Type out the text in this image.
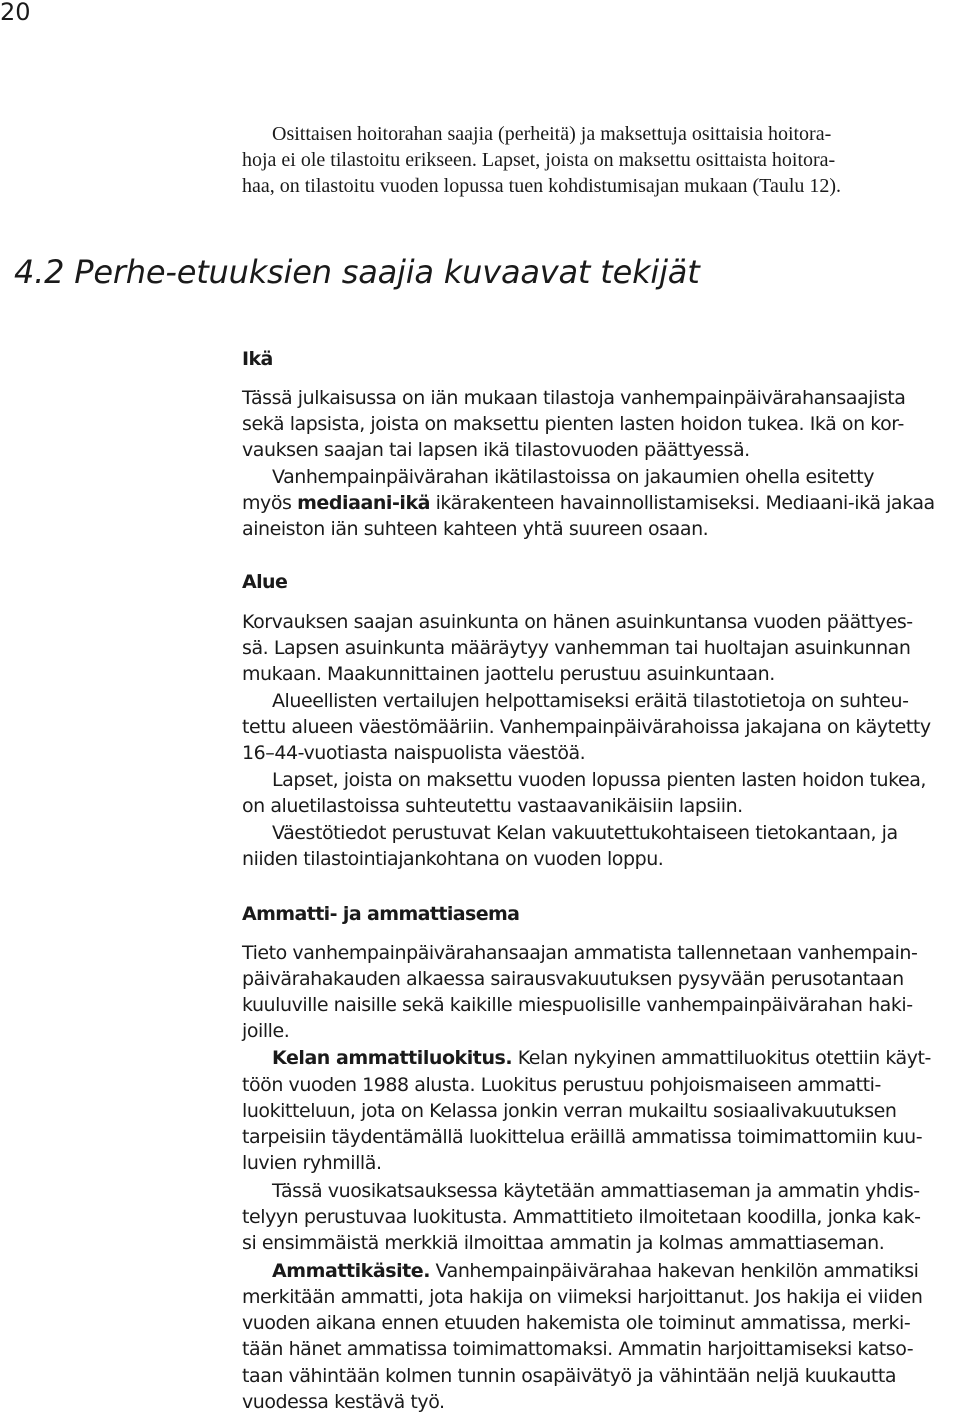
20
Osittaisen hoitorahan saajia (perheitä) ja maksettuja osittaisia hoitora-
hoja ei ole tilastoitu erikseen. Lapset, joista on maksettu osittaista hoitora-
haa, on tilastoitu vuoden lopussa tuen kohdistumisajan mukaan (Taulu 12).
4.2 Perhe-etuuksien saajia kuvaavat tekijät
Ikä
Tässä julkaisussa on iän mukaan tilastoja vanhempainpäivärahansaajista
sekä lapsista, joista on maksettu pienten lasten hoidon tukea. Ikä on kor-
vauksen saajan tai lapsen ikä tilastovuoden päättyessä.
Vanhempainpäivärahan ikätilastoissa on jakaumien ohella esitetty
myös mediaani-ikä ikärakenteen havainnollistamiseksi. Mediaani-ikä jakaa
aineiston iän suhteen kahteen yhtä suureen osaan.
Alue
Korvauksen saajan asuinkunta on hänen asuinkuntansa vuoden päättyes-
sä. Lapsen asuinkunta määräytyy vanhemman tai huoltajan asuinkunnan
mukaan. Maakunnittainen jaottelu perustuu asuinkuntaan.
Alueellisten vertailujen helpottamiseksi eräitä tilastotietoja on suhteu-
tettu alueen väestömääriin. Vanhempainpäivärahoissa jakajana on käytetty
16–44-vuotiasta naispuolista väestöä.
Lapset, joista on maksettu vuoden lopussa pienten lasten hoidon tukea,
on aluetilastoissa suhteutettu vastaavanikäisiin lapsiin.
Väestötiedot perustuvat Kelan vakuutettukohtaiseen tietokantaan, ja
niiden tilastointiajankohtana on vuoden loppu.
Ammatti- ja ammattiasema
Tieto vanhempainpäivärahansaajan ammatista tallennetaan vanhempain-
päivärahakauden alkaessa sairausvakuutuksen pysyvään perusotantaan
kuuluville naisille sekä kaikille miespuolisille vanhempainpäivärahan haki-
joille.
Kelan ammattiluokitus. Kelan nykyinen ammattiluokitus otettiin käyt-
töön vuoden 1988 alusta. Luokitus perustuu pohjoismaiseen ammatti-
luokitteluun, jota on Kelassa jonkin verran mukailtu sosiaalivakuutuksen
tarpeisiin täydentämällä luokittelua eräillä ammatissa toimimattomiin kuu-
luvien ryhmillä.
Tässä vuosikatsauksessa käytetään ammattiaseman ja ammatin yhdis-
telyyn perustuvaa luokitusta. Ammattitieto ilmoitetaan koodilla, jonka kak-
si ensimmäistä merkkiä ilmoittaa ammatin ja kolmas ammattiaseman.
Ammattikäsite. Vanhempainpäivärahaa hakevan henkilön ammatiksi
merkitään ammatti, jota hakija on viimeksi harjoittanut. Jos hakija ei viiden
vuoden aikana ennen etuuden hakemista ole toiminut ammatissa, merki-
tään hänet ammatissa toimimattomaksi. Ammatin harjoittamiseksi katso-
taan vähintään kolmen tunnin osapäivätyö ja vähintään neljä kuukautta
vuodessa kestävä työ.
